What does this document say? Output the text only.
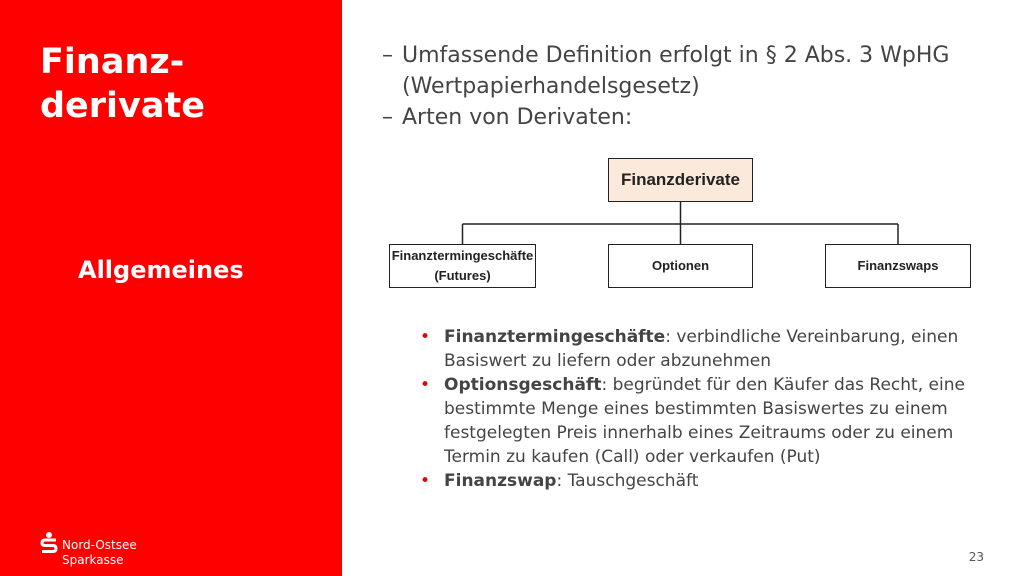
Finanz-
derivate
Allgemeines
Nord-Ostsee
Sparkasse
– Umfassende Definition erfolgt in § 2 Abs. 3 WpHG (Wertpapierhandelsgesetz)
– Arten von Derivaten:
Finanzderivate
Finanztermingeschäfte
(Futures)
Optionen	Finanzswaps
• Finanztermingeschäfte: verbindliche Vereinbarung, einen Basiswert zu liefern oder abzunehmen
• Optionsgeschäft: begründet für den Käufer das Recht, eine bestimmte Menge eines bestimmten Basiswertes zu einem festgelegten Preis innerhalb eines Zeitraums oder zu einem Termin zu kaufen (Call) oder verkaufen (Put)
• Finanzswap: Tauschgeschäft
23
